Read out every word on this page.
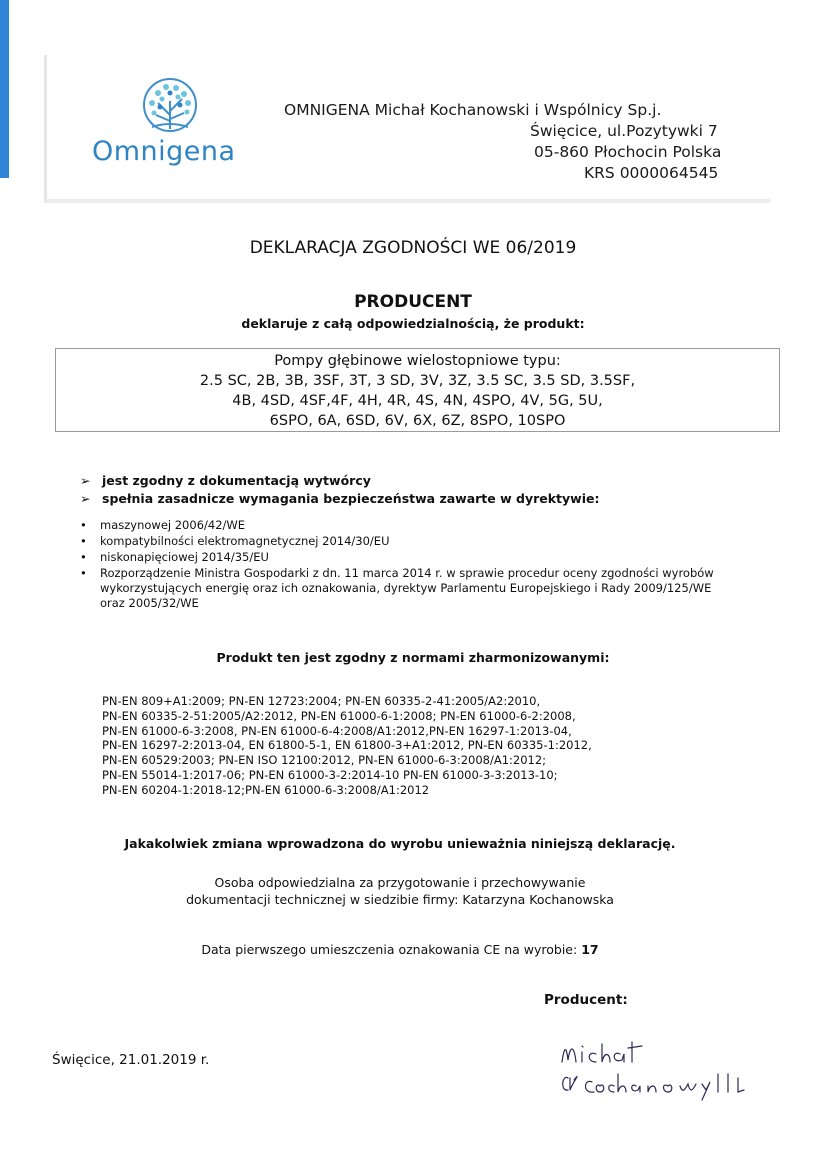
Omnigena
OMNIGENA Michał Kochanowski i Wspólnicy Sp.j.
Święcice, ul.Pozytywki 7
05-860 Płochocin Polska
KRS 0000064545
DEKLARACJA ZGODNOŚCI WE 06/2019
PRODUCENT
deklaruje z całą odpowiedzialnością, że produkt:
Pompy głębinowe wielostopniowe typu:
2.5 SC, 2B, 3B, 3SF, 3T, 3 SD, 3V, 3Z, 3.5 SC, 3.5 SD, 3.5SF,
4B, 4SD, 4SF,4F, 4H, 4R, 4S, 4N, 4SPO, 4V, 5G, 5U,
6SPO, 6A, 6SD, 6V, 6X, 6Z, 8SPO, 10SPO
➢ jest zgodny z dokumentacją wytwórcy
➢ spełnia zasadnicze wymagania bezpieczeństwa zawarte w dyrektywie:
•	maszynowej 2006/42/WE
•	kompatybilności elektromagnetycznej 2014/30/EU
•	niskonapięciowej 2014/35/EU
•	Rozporządzenie Ministra Gospodarki z dn. 11 marca 2014 r. w sprawie procedur oceny zgodności wyrobów wykorzystujących energię oraz ich oznakowania, dyrektyw Parlamentu Europejskiego i Rady 2009/125/WE oraz 2005/32/WE
Produkt ten jest zgodny z normami zharmonizowanymi:
PN-EN 809+A1:2009; PN-EN 12723:2004; PN-EN 60335-2-41:2005/A2:2010,
PN-EN 60335-2-51:2005/A2:2012, PN-EN 61000-6-1:2008; PN-EN 61000-6-2:2008,
PN-EN 61000-6-3:2008, PN-EN 61000-6-4:2008/A1:2012,PN-EN 16297-1:2013-04,
PN-EN 16297-2:2013-04, EN 61800-5-1, EN 61800-3+A1:2012, PN-EN 60335-1:2012,
PN-EN 60529:2003; PN-EN ISO 12100:2012, PN-EN 61000-6-3:2008/A1:2012;
PN-EN 55014-1:2017-06; PN-EN 61000-3-2:2014-10 PN-EN 61000-3-3:2013-10;
PN-EN 60204-1:2018-12;PN-EN 61000-6-3:2008/A1:2012
Jakakolwiek zmiana wprowadzona do wyrobu unieważnia niniejszą deklarację.
Osoba odpowiedzialna za przygotowanie i przechowywanie
dokumentacji technicznej w siedzibie firmy: Katarzyna Kochanowska
Data pierwszego umieszczenia oznakowania CE na wyrobie: 17
Producent:
Święcice, 21.01.2019 r.
